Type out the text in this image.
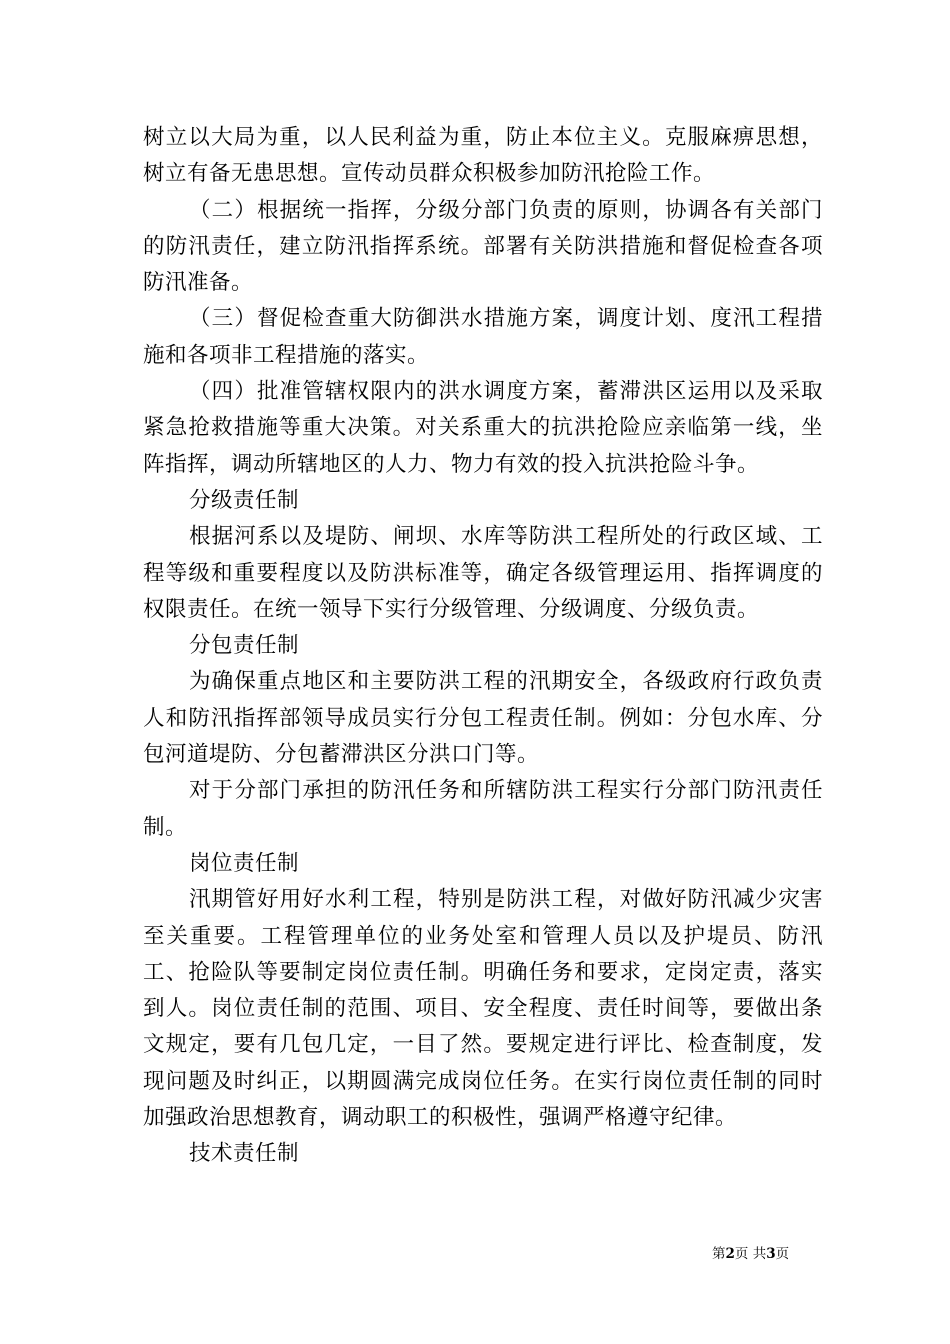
树立以大局为重，以人民利益为重，防止本位主义。克服麻痹思想，树立有备无患思想。宣传动员群众积极参加防汛抢险工作。

（二）根据统一指挥，分级分部门负责的原则，协调各有关部门的防汛责任，建立防汛指挥系统。部署有关防洪措施和督促检查各项防汛准备。

（三）督促检查重大防御洪水措施方案，调度计划、度汛工程措施和各项非工程措施的落实。

（四）批准管辖权限内的洪水调度方案，蓄滞洪区运用以及采取紧急抢救措施等重大决策。对关系重大的抗洪抢险应亲临第一线，坐阵指挥，调动所辖地区的人力、物力有效的投入抗洪抢险斗争。

分级责任制

根据河系以及堤防、闸坝、水库等防洪工程所处的行政区域、工程等级和重要程度以及防洪标准等，确定各级管理运用、指挥调度的权限责任。在统一领导下实行分级管理、分级调度、分级负责。

分包责任制

为确保重点地区和主要防洪工程的汛期安全，各级政府行政负责人和防汛指挥部领导成员实行分包工程责任制。例如：分包水库、分包河道堤防、分包蓄滞洪区分洪口门等。

对于分部门承担的防汛任务和所辖防洪工程实行分部门防汛责任制。

岗位责任制

汛期管好用好水利工程，特别是防洪工程，对做好防汛减少灾害至关重要。工程管理单位的业务处室和管理人员以及护堤员、防汛工、抢险队等要制定岗位责任制。明确任务和要求，定岗定责，落实到人。岗位责任制的范围、项目、安全程度、责任时间等，要做出条文规定，要有几包几定，一目了然。要规定进行评比、检查制度，发现问题及时纠正，以期圆满完成岗位任务。在实行岗位责任制的同时加强政治思想教育，调动职工的积极性，强调严格遵守纪律。

技术责任制

第2页 共3页
